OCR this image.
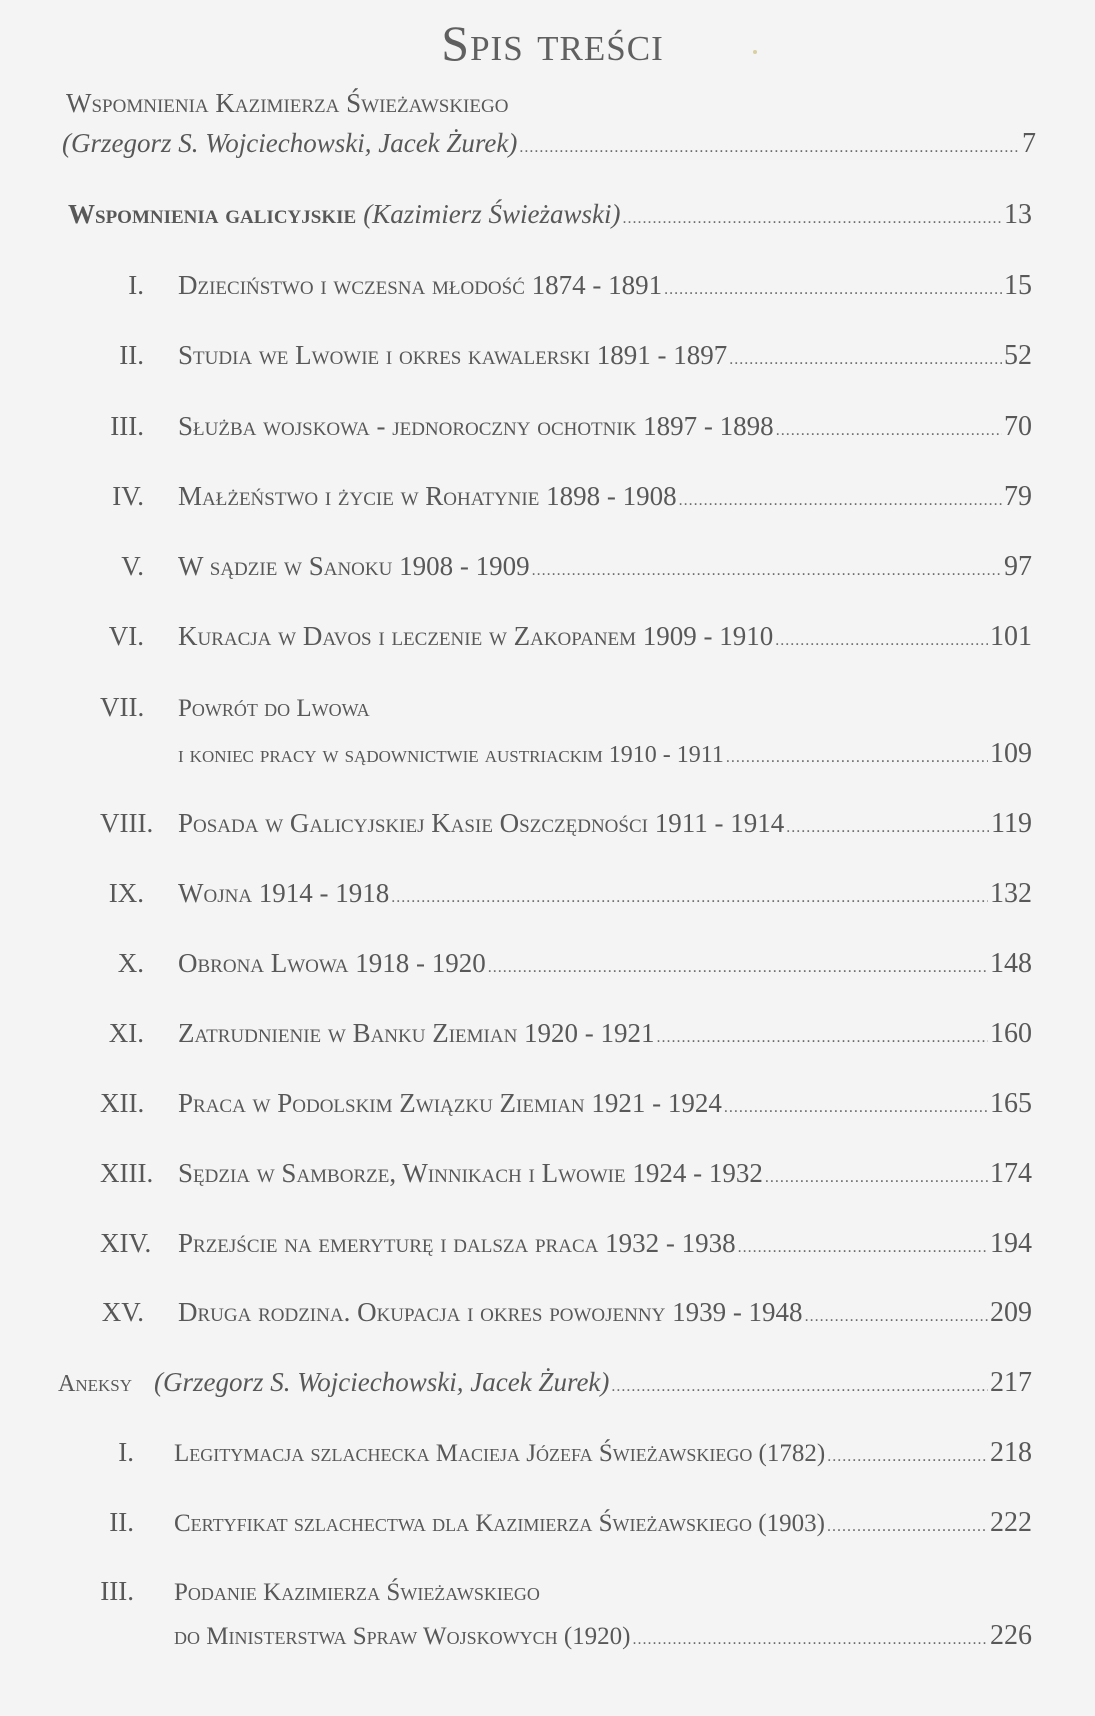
Spis treści
Wspomnienia Kazimierza Świeżawskiego
(Grzegorz S. Wojciechowski, Jacek Żurek) .....	7
Wspomnienia galicyjskie (Kazimierz Świeżawski) .....	13
I. Dzieciństwo i wczesna młodość 1874 - 1891 .....	15
II. Studia we Lwowie i okres kawalerski 1891 - 1897 .....	52
III. Służba wojskowa - jednoroczny ochotnik 1897 - 1898 .....	70
IV. Małżeństwo i życie w Rohatynie 1898 - 1908 .....	79
V. W sądzie w Sanoku 1908 - 1909 .....	97
VI. Kuracja w Davos i leczenie w Zakopanem 1909 - 1910 .....	101
VII. Powrót do Lwowa
i koniec pracy w sądownictwie austriackim 1910 - 1911 .....	109
VIII. Posada w Galicyjskiej Kasie Oszczędności 1911 - 1914 .....	119
IX. Wojna 1914 - 1918 .....	132
X. Obrona Lwowa 1918 - 1920 .....	148
XI. Zatrudnienie w Banku Ziemian 1920 - 1921 .....	160
XII. Praca w Podolskim Związku Ziemian 1921 - 1924 .....	165
XIII. Sędzia w Samborze, Winnikach i Lwowie 1924 - 1932 .....	174
XIV. Przejście na emeryturę i dalsza praca 1932 - 1938 .....	194
XV. Druga rodzina. Okupacja i okres powojenny 1939 - 1948 .....	209
Aneksy (Grzegorz S. Wojciechowski, Jacek Żurek) .....	217
I. Legitymacja szlachecka Macieja Józefa Świeżawskiego (1782) .....	218
II. Certyfikat szlachectwa dla Kazimierza Świeżawskiego (1903) .....	222
III. Podanie Kazimierza Świeżawskiego
do Ministerstwa Spraw Wojskowych (1920) .....	226
